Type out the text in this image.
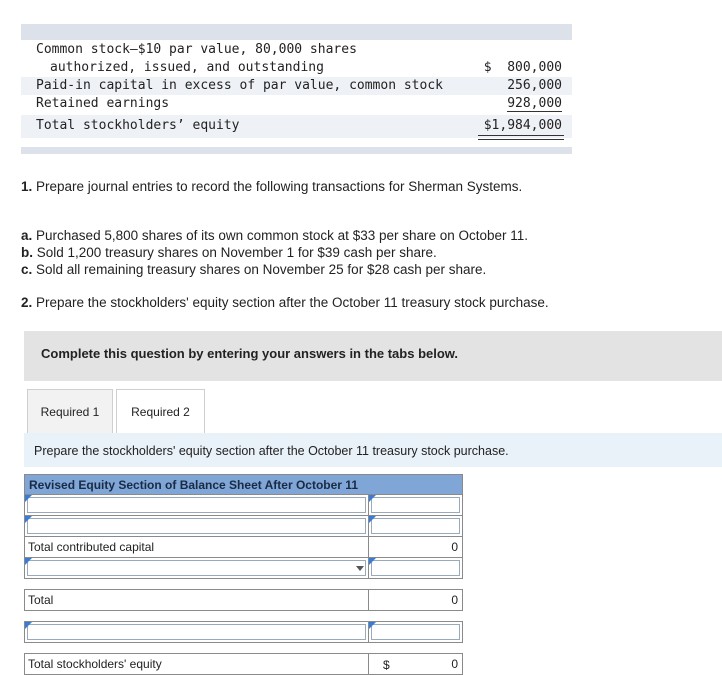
Common stock–$10 par value, 80,000 shares
authorized, issued, and outstanding	$  800,000
Paid-in capital in excess of par value, common stock	256,000
Retained earnings	928,000
Total stockholders’ equity	$1,984,000
1. Prepare journal entries to record the following transactions for Sherman Systems.
a. Purchased 5,800 shares of its own common stock at $33 per share on October 11.
b. Sold 1,200 treasury shares on November 1 for $39 cash per share.
c. Sold all remaining treasury shares on November 25 for $28 cash per share.
2. Prepare the stockholders' equity section after the October 11 treasury stock purchase.
Complete this question by entering your answers in the tabs below.
Required 1	Required 2
Prepare the stockholders' equity section after the October 11 treasury stock purchase.
Revised Equity Section of Balance Sheet After October 11	

Total contributed capital	0

Total	0

Total stockholders' equity	$ 0
